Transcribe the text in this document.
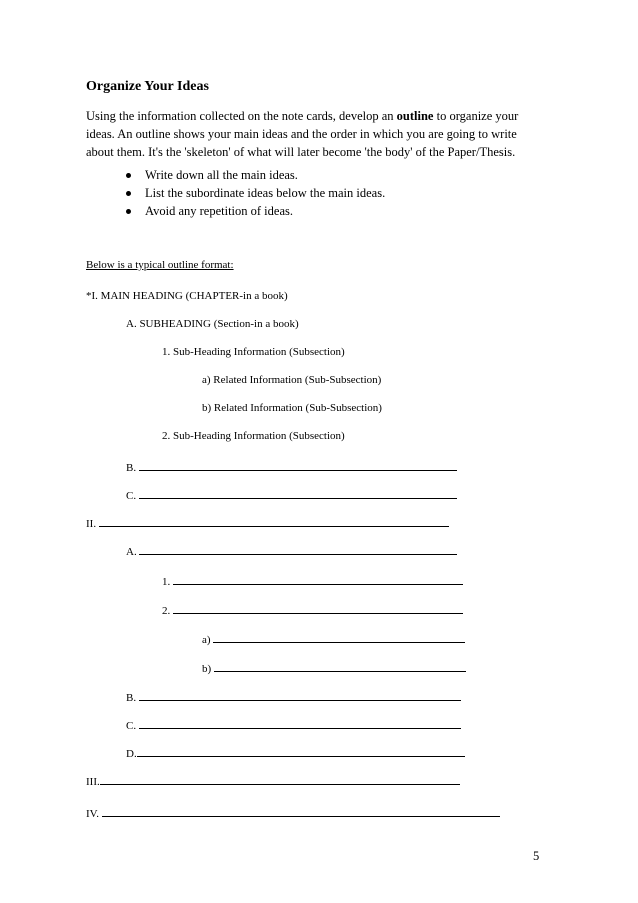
Organize Your Ideas

Using the information collected on the note cards, develop an outline to organize your

ideas. An outline shows your main ideas and the order in which you are going to write

about them. It's the 'skeleton' of what will later become 'the body' of the Paper/Thesis.

Write down all the main ideas.
List the subordinate ideas below the main ideas.
Avoid any repetition of ideas.
Below is a typical outline format:
*I. MAIN HEADING (CHAPTER-in a book)
A. SUBHEADING (Section-in a book)
1. Sub-Heading Information (Subsection)
a) Related Information (Sub-Subsection)
b) Related Information (Sub-Subsection)
2. Sub-Heading Information (Subsection)
B.
C.
II.
A.
1.
2.
a)
b)
B.
C.
D.
III.
IV.
5
